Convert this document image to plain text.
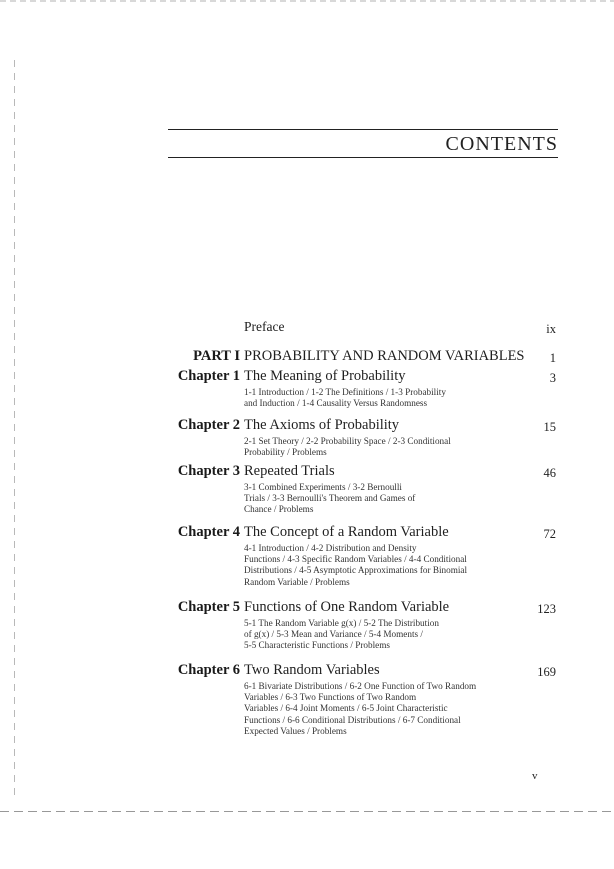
CONTENTS
Preface	ix
PART I PROBABILITY AND RANDOM VARIABLES 1
Chapter 1 The Meaning of Probability	3
1-1 Introduction / 1-2 The Definitions / 1-3 Probability
and Induction / 1-4 Causality Versus Randomness
Chapter 2 The Axioms of Probability	15
2-1 Set Theory / 2-2 Probability Space / 2-3 Conditional
Probability / Problems
Chapter 3 Repeated Trials	46
3-1 Combined Experiments / 3-2 Bernoulli
Trials / 3-3 Bernoulli's Theorem and Games of
Chance / Problems
Chapter 4 The Concept of a Random Variable	72
4-1 Introduction / 4-2 Distribution and Density
Functions / 4-3 Specific Random Variables / 4-4 Conditional
Distributions / 4-5 Asymptotic Approximations for Binomial
Random Variable / Problems
Chapter 5 Functions of One Random Variable	123
5-1 The Random Variable g(x) / 5-2 The Distribution
of g(x) / 5-3 Mean and Variance / 5-4 Moments /
5-5 Characteristic Functions / Problems
Chapter 6 Two Random Variables	169
6-1 Bivariate Distributions / 6-2 One Function of Two Random
Variables / 6-3 Two Functions of Two Random
Variables / 6-4 Joint Moments / 6-5 Joint Characteristic
Functions / 6-6 Conditional Distributions / 6-7 Conditional
Expected Values / Problems
v
